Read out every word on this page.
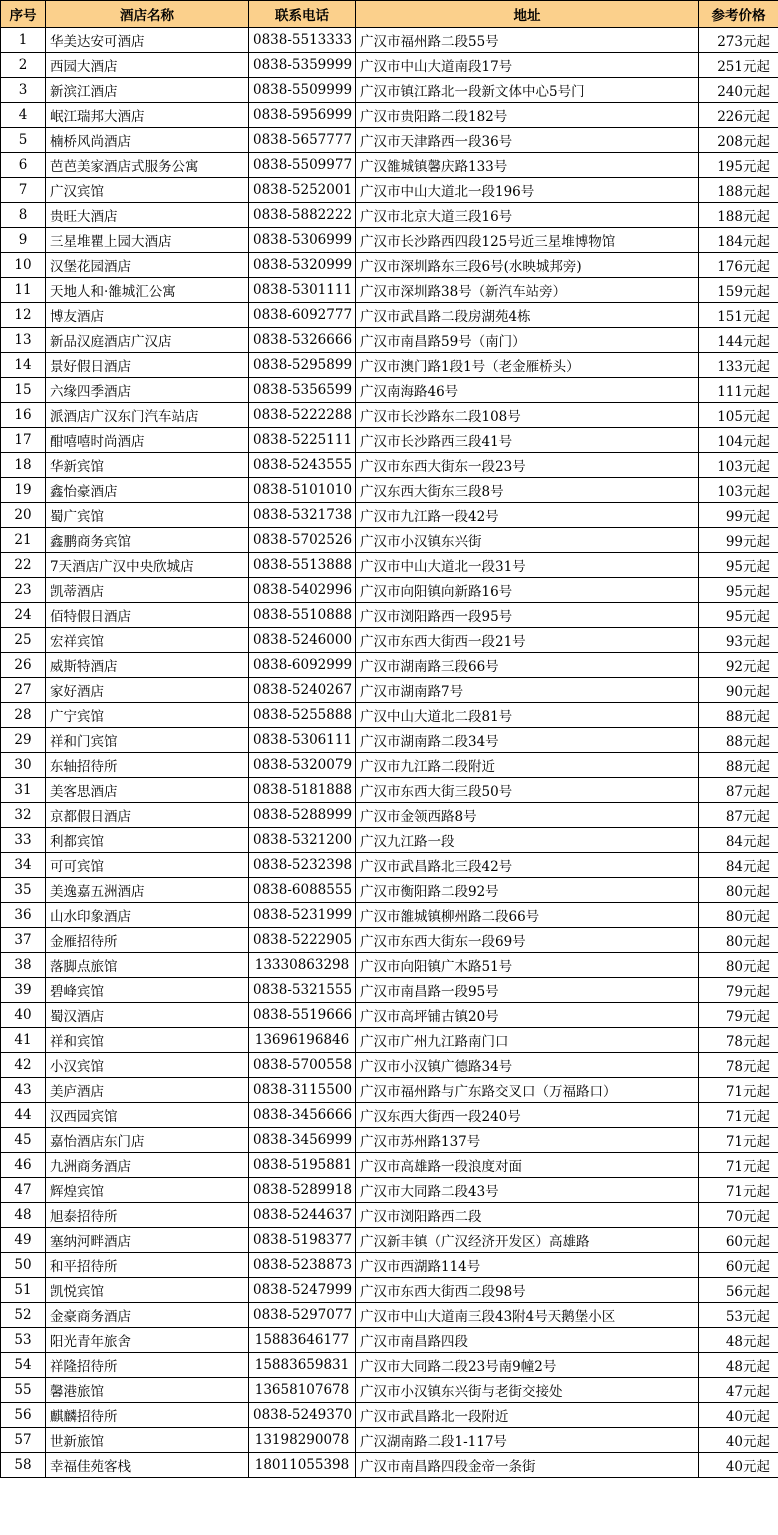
序号	酒店名称	联系电话	地址	参考价格
1	华美达安可酒店	0838-5513333	广汉市福州路二段55号	273元起
2	西园大酒店	0838-5359999	广汉市中山大道南段17号	251元起
3	新滨江酒店	0838-5509999	广汉市镇江路北一段新文体中心5号门	240元起
4	岷江瑞邦大酒店	0838-5956999	广汉市贵阳路二段182号	226元起
5	楠桥风尚酒店	0838-5657777	广汉市天津路西一段36号	208元起
6	芭芭美家酒店式服务公寓	0838-5509977	广汉雒城镇馨庆路133号	195元起
7	广汉宾馆	0838-5252001	广汉市中山大道北一段196号	188元起
8	贵旺大酒店	0838-5882222	广汉市北京大道三段16号	188元起
9	三星堆瞿上园大酒店	0838-5306999	广汉市长沙路西四段125号近三星堆博物馆	184元起
10	汉堡花园酒店	0838-5320999	广汉市深圳路东三段6号(水映城邦旁)	176元起
11	天地人和·雒城汇公寓	0838-5301111	广汉市深圳路38号（新汽车站旁）	159元起
12	博友酒店	0838-6092777	广汉市武昌路二段房湖苑4栋	151元起
13	新品汉庭酒店广汉店	0838-5326666	广汉市南昌路59号（南门）	144元起
14	景好假日酒店	0838-5295899	广汉市澳门路1段1号（老金雁桥头）	133元起
15	六缘四季酒店	0838-5356599	广汉南海路46号	111元起
16	派酒店广汉东门汽车站店	0838-5222288	广汉市长沙路东二段108号	105元起
17	酣嘻嘻时尚酒店	0838-5225111	广汉市长沙路西三段41号	104元起
18	华新宾馆	0838-5243555	广汉市东西大街东一段23号	103元起
19	鑫怡豪酒店	0838-5101010	广汉东西大街东三段8号	103元起
20	蜀广宾馆	0838-5321738	广汉市九江路一段42号	99元起
21	鑫鹏商务宾馆	0838-5702526	广汉市小汉镇东兴街	99元起
22	7天酒店广汉中央欣城店	0838-5513888	广汉市中山大道北一段31号	95元起
23	凯蒂酒店	0838-5402996	广汉市向阳镇向新路16号	95元起
24	佰特假日酒店	0838-5510888	广汉市浏阳路西一段95号	95元起
25	宏祥宾馆	0838-5246000	广汉市东西大街西一段21号	93元起
26	威斯特酒店	0838-6092999	广汉市湖南路三段66号	92元起
27	家好酒店	0838-5240267	广汉市湖南路7号	90元起
28	广宁宾馆	0838-5255888	广汉中山大道北二段81号	88元起
29	祥和门宾馆	0838-5306111	广汉市湖南路二段34号	88元起
30	东轴招待所	0838-5320079	广汉市九江路二段附近	88元起
31	美客思酒店	0838-5181888	广汉市东西大街三段50号	87元起
32	京都假日酒店	0838-5288999	广汉市金领西路8号	87元起
33	利都宾馆	0838-5321200	广汉九江路一段	84元起
34	可可宾馆	0838-5232398	广汉市武昌路北三段42号	84元起
35	美逸嘉五洲酒店	0838-6088555	广汉市衡阳路二段92号	80元起
36	山水印象酒店	0838-5231999	广汉市雒城镇柳州路二段66号	80元起
37	金雁招待所	0838-5222905	广汉市东西大街东一段69号	80元起
38	落脚点旅馆	13330863298	广汉市向阳镇广木路51号	80元起
39	碧峰宾馆	0838-5321555	广汉市南昌路一段95号	79元起
40	蜀汉酒店	0838-5519666	广汉市高坪铺古镇20号	79元起
41	祥和宾馆	13696196846	广汉市广州九江路南门口	78元起
42	小汉宾馆	0838-5700558	广汉市小汉镇广德路34号	78元起
43	美庐酒店	0838-3115500	广汉市福州路与广东路交叉口（万福路口）	71元起
44	汉西园宾馆	0838-3456666	广汉东西大街西一段240号	71元起
45	嘉怡酒店东门店	0838-3456999	广汉市苏州路137号	71元起
46	九洲商务酒店	0838-5195881	广汉市高雄路一段浪度对面	71元起
47	辉煌宾馆	0838-5289918	广汉市大同路二段43号	71元起
48	旭泰招待所	0838-5244637	广汉市浏阳路西二段	70元起
49	塞纳河畔酒店	0838-5198377	广汉新丰镇（广汉经济开发区）高雄路	60元起
50	和平招待所	0838-5238873	广汉市西湖路114号	60元起
51	凯悦宾馆	0838-5247999	广汉市东西大街西二段98号	56元起
52	金豪商务酒店	0838-5297077	广汉市中山大道南三段43附4号天鹅堡小区	53元起
53	阳光青年旅舍	15883646177	广汉市南昌路四段	48元起
54	祥隆招待所	15883659831	广汉市大同路二段23号南9幢2号	48元起
55	馨港旅馆	13658107678	广汉市小汉镇东兴街与老街交接处	47元起
56	麒麟招待所	0838-5249370	广汉市武昌路北一段附近	40元起
57	世新旅馆	13198290078	广汉湖南路二段1-117号	40元起
58	幸福佳苑客栈	18011055398	广汉市南昌路四段金帝一条街	40元起
